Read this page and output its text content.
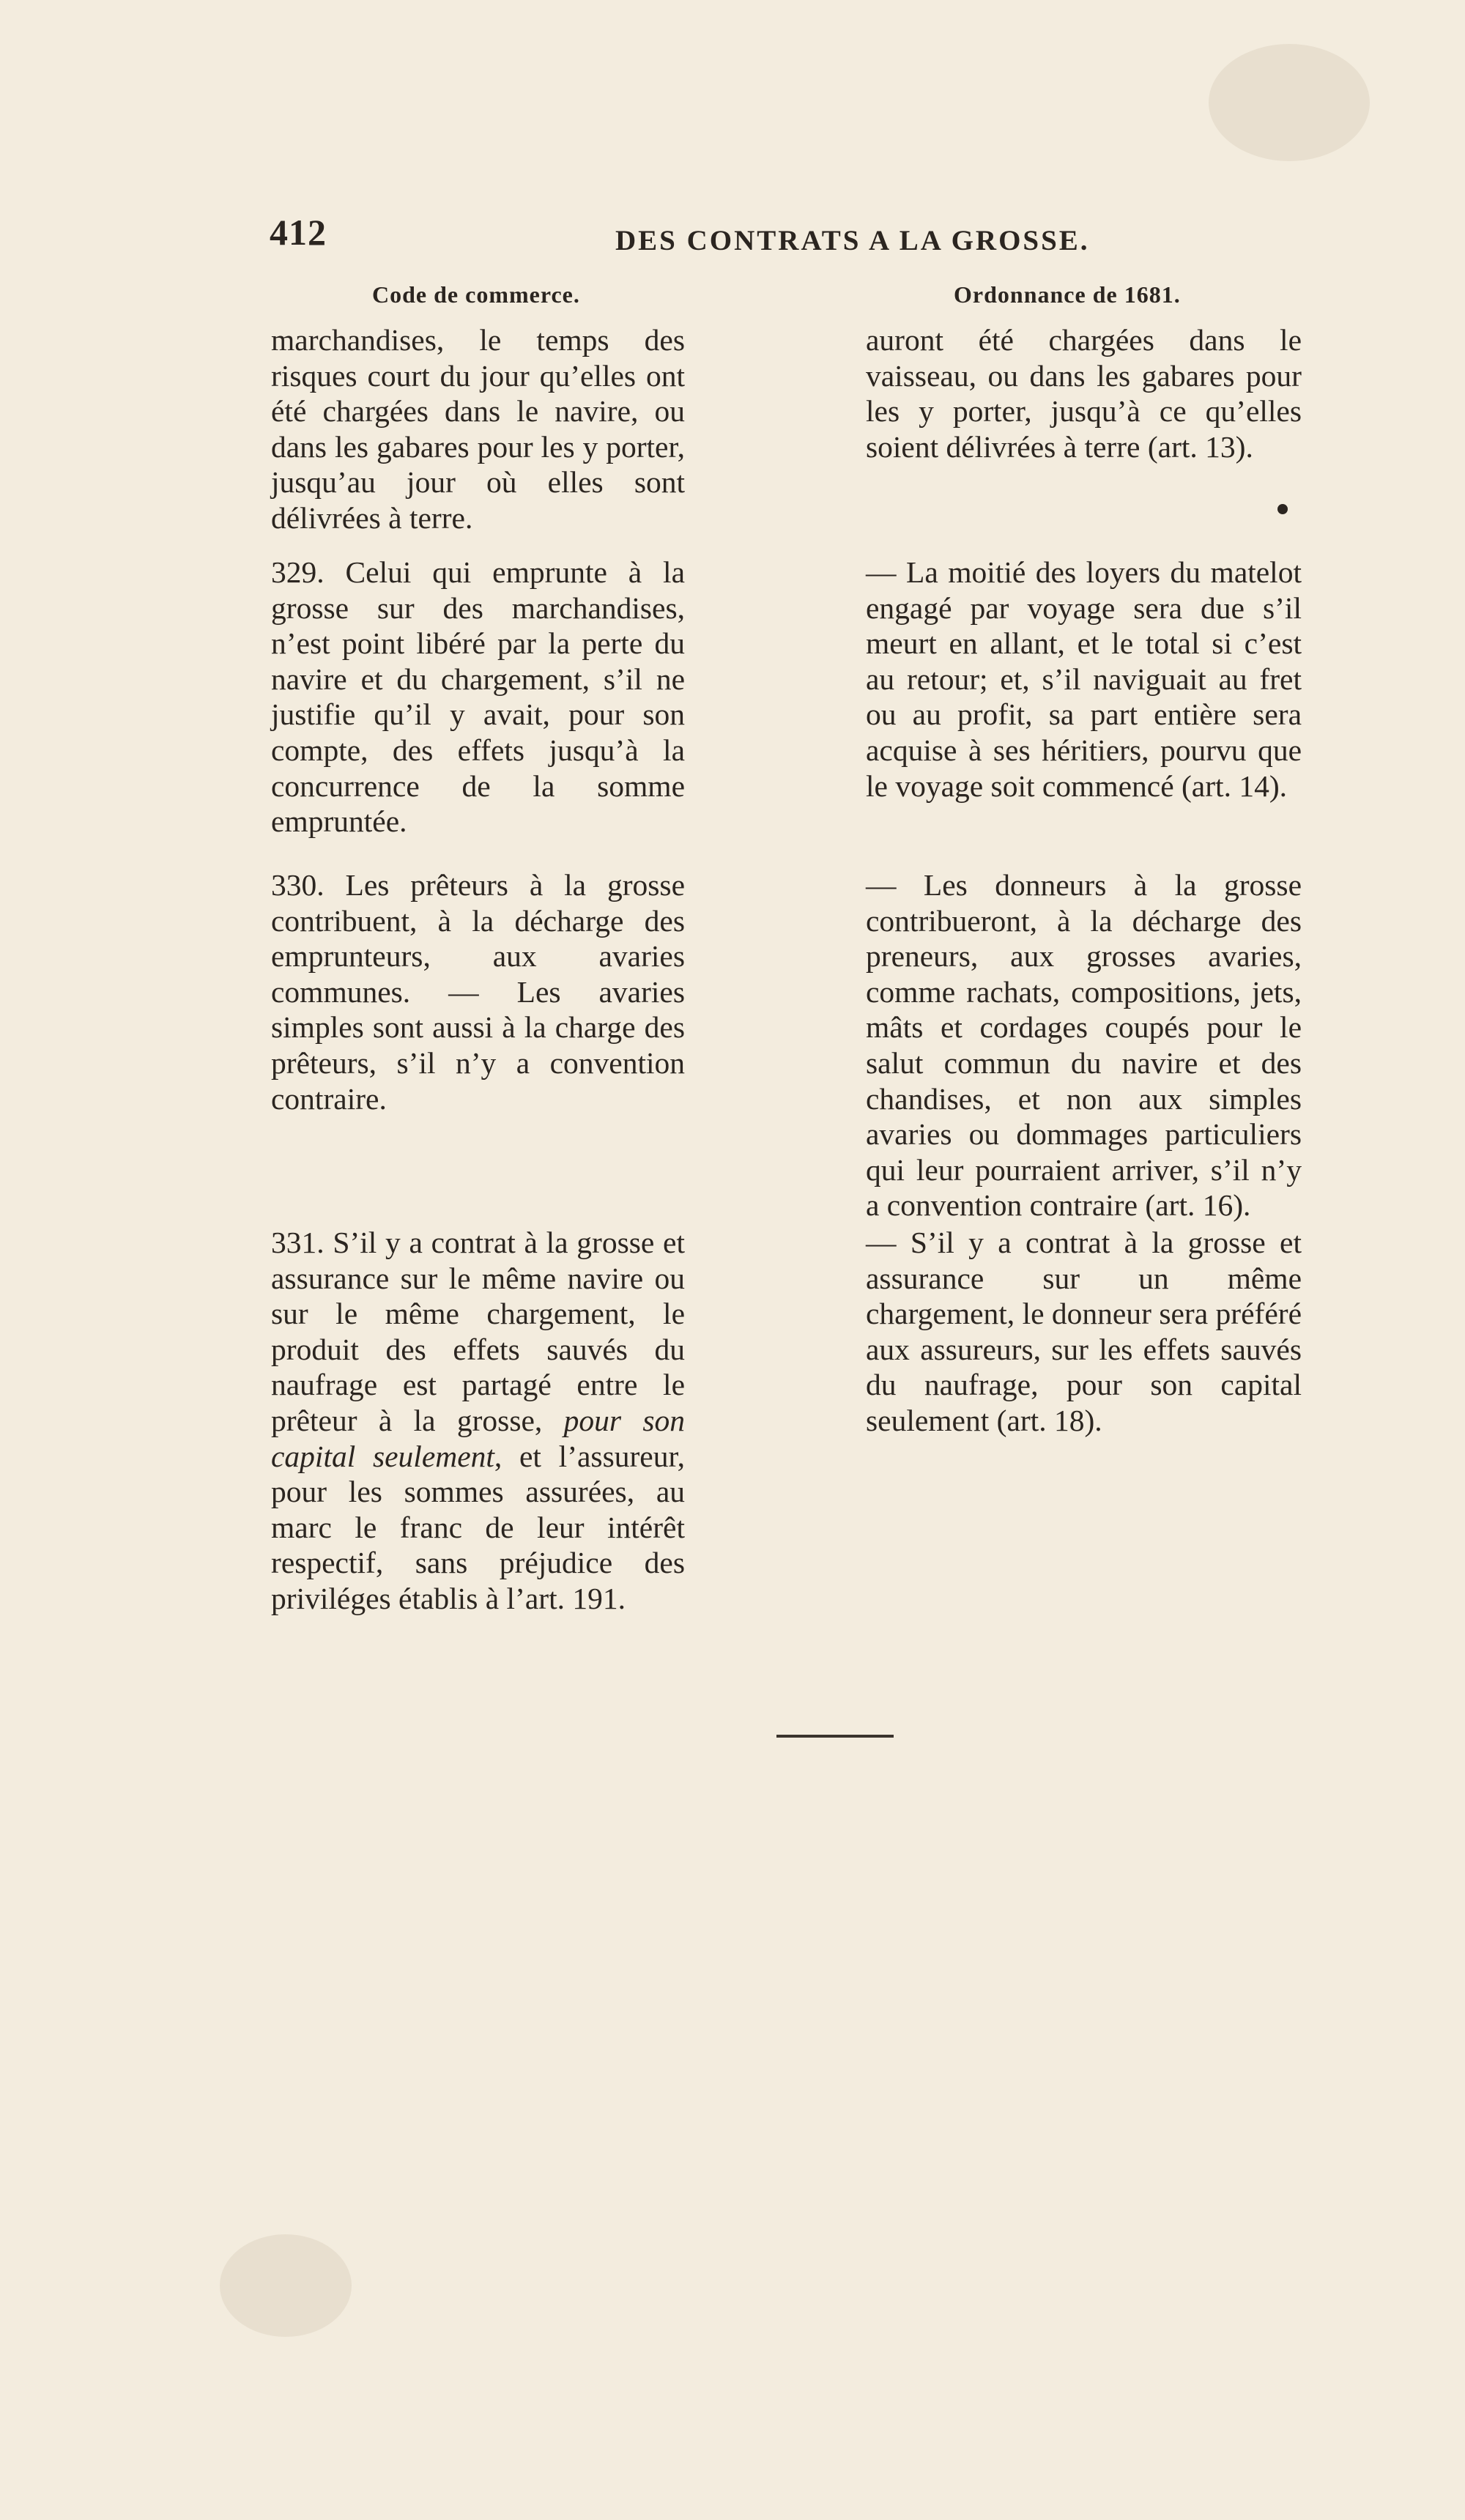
412	DES CONTRATS A LA GROSSE.
Code de commerce.	Ordonnance de 1681.

marchandises, le temps des risques court du jour qu’elles ont été chargées dans le navire, ou dans les gabares pour les y porter, jusqu’au jour où elles sont délivrées à terre.

329. Celui qui emprunte à la grosse sur des marchandises, n’est point libéré par la perte du navire et du chargement, s’il ne justifie qu’il y avait, pour son compte, des effets jusqu’à la concurrence de la somme empruntée.

330. Les prêteurs à la grosse contribuent, à la décharge des emprunteurs, aux avaries communes. — Les avaries simples sont aussi à la charge des prêteurs, s’il n’y a convention contraire.

331. S’il y a contrat à la grosse et assurance sur le même navire ou sur le même chargement, le produit des effets sauvés du naufrage est partagé entre le prêteur à la grosse, pour son capital seulement, et l’assureur, pour les sommes assurées, au marc le franc de leur intérêt respectif, sans préjudice des priviléges établis à l’art. 191.

auront été chargées dans le vaisseau, ou dans les gabares pour les y porter, jusqu’à ce qu’elles soient délivrées à terre (art. 13).

— La moitié des loyers du matelot engagé par voyage sera due s’il meurt en allant, et le total si c’est au retour; et, s’il naviguait au fret ou au profit, sa part entière sera acquise à ses héritiers, pourvu que le voyage soit commencé (art. 14).

— Les donneurs à la grosse contribueront, à la décharge des preneurs, aux grosses avaries, comme rachats, compositions, jets, mâts et cordages coupés pour le salut commun du navire et des chandises, et non aux simples avaries ou dommages particuliers qui leur pourraient arriver, s’il n’y a convention contraire (art. 16).

— S’il y a contrat à la grosse et assurance sur un même chargement, le donneur sera préféré aux assureurs, sur les effets sauvés du naufrage, pour son capital seulement (art. 18).
